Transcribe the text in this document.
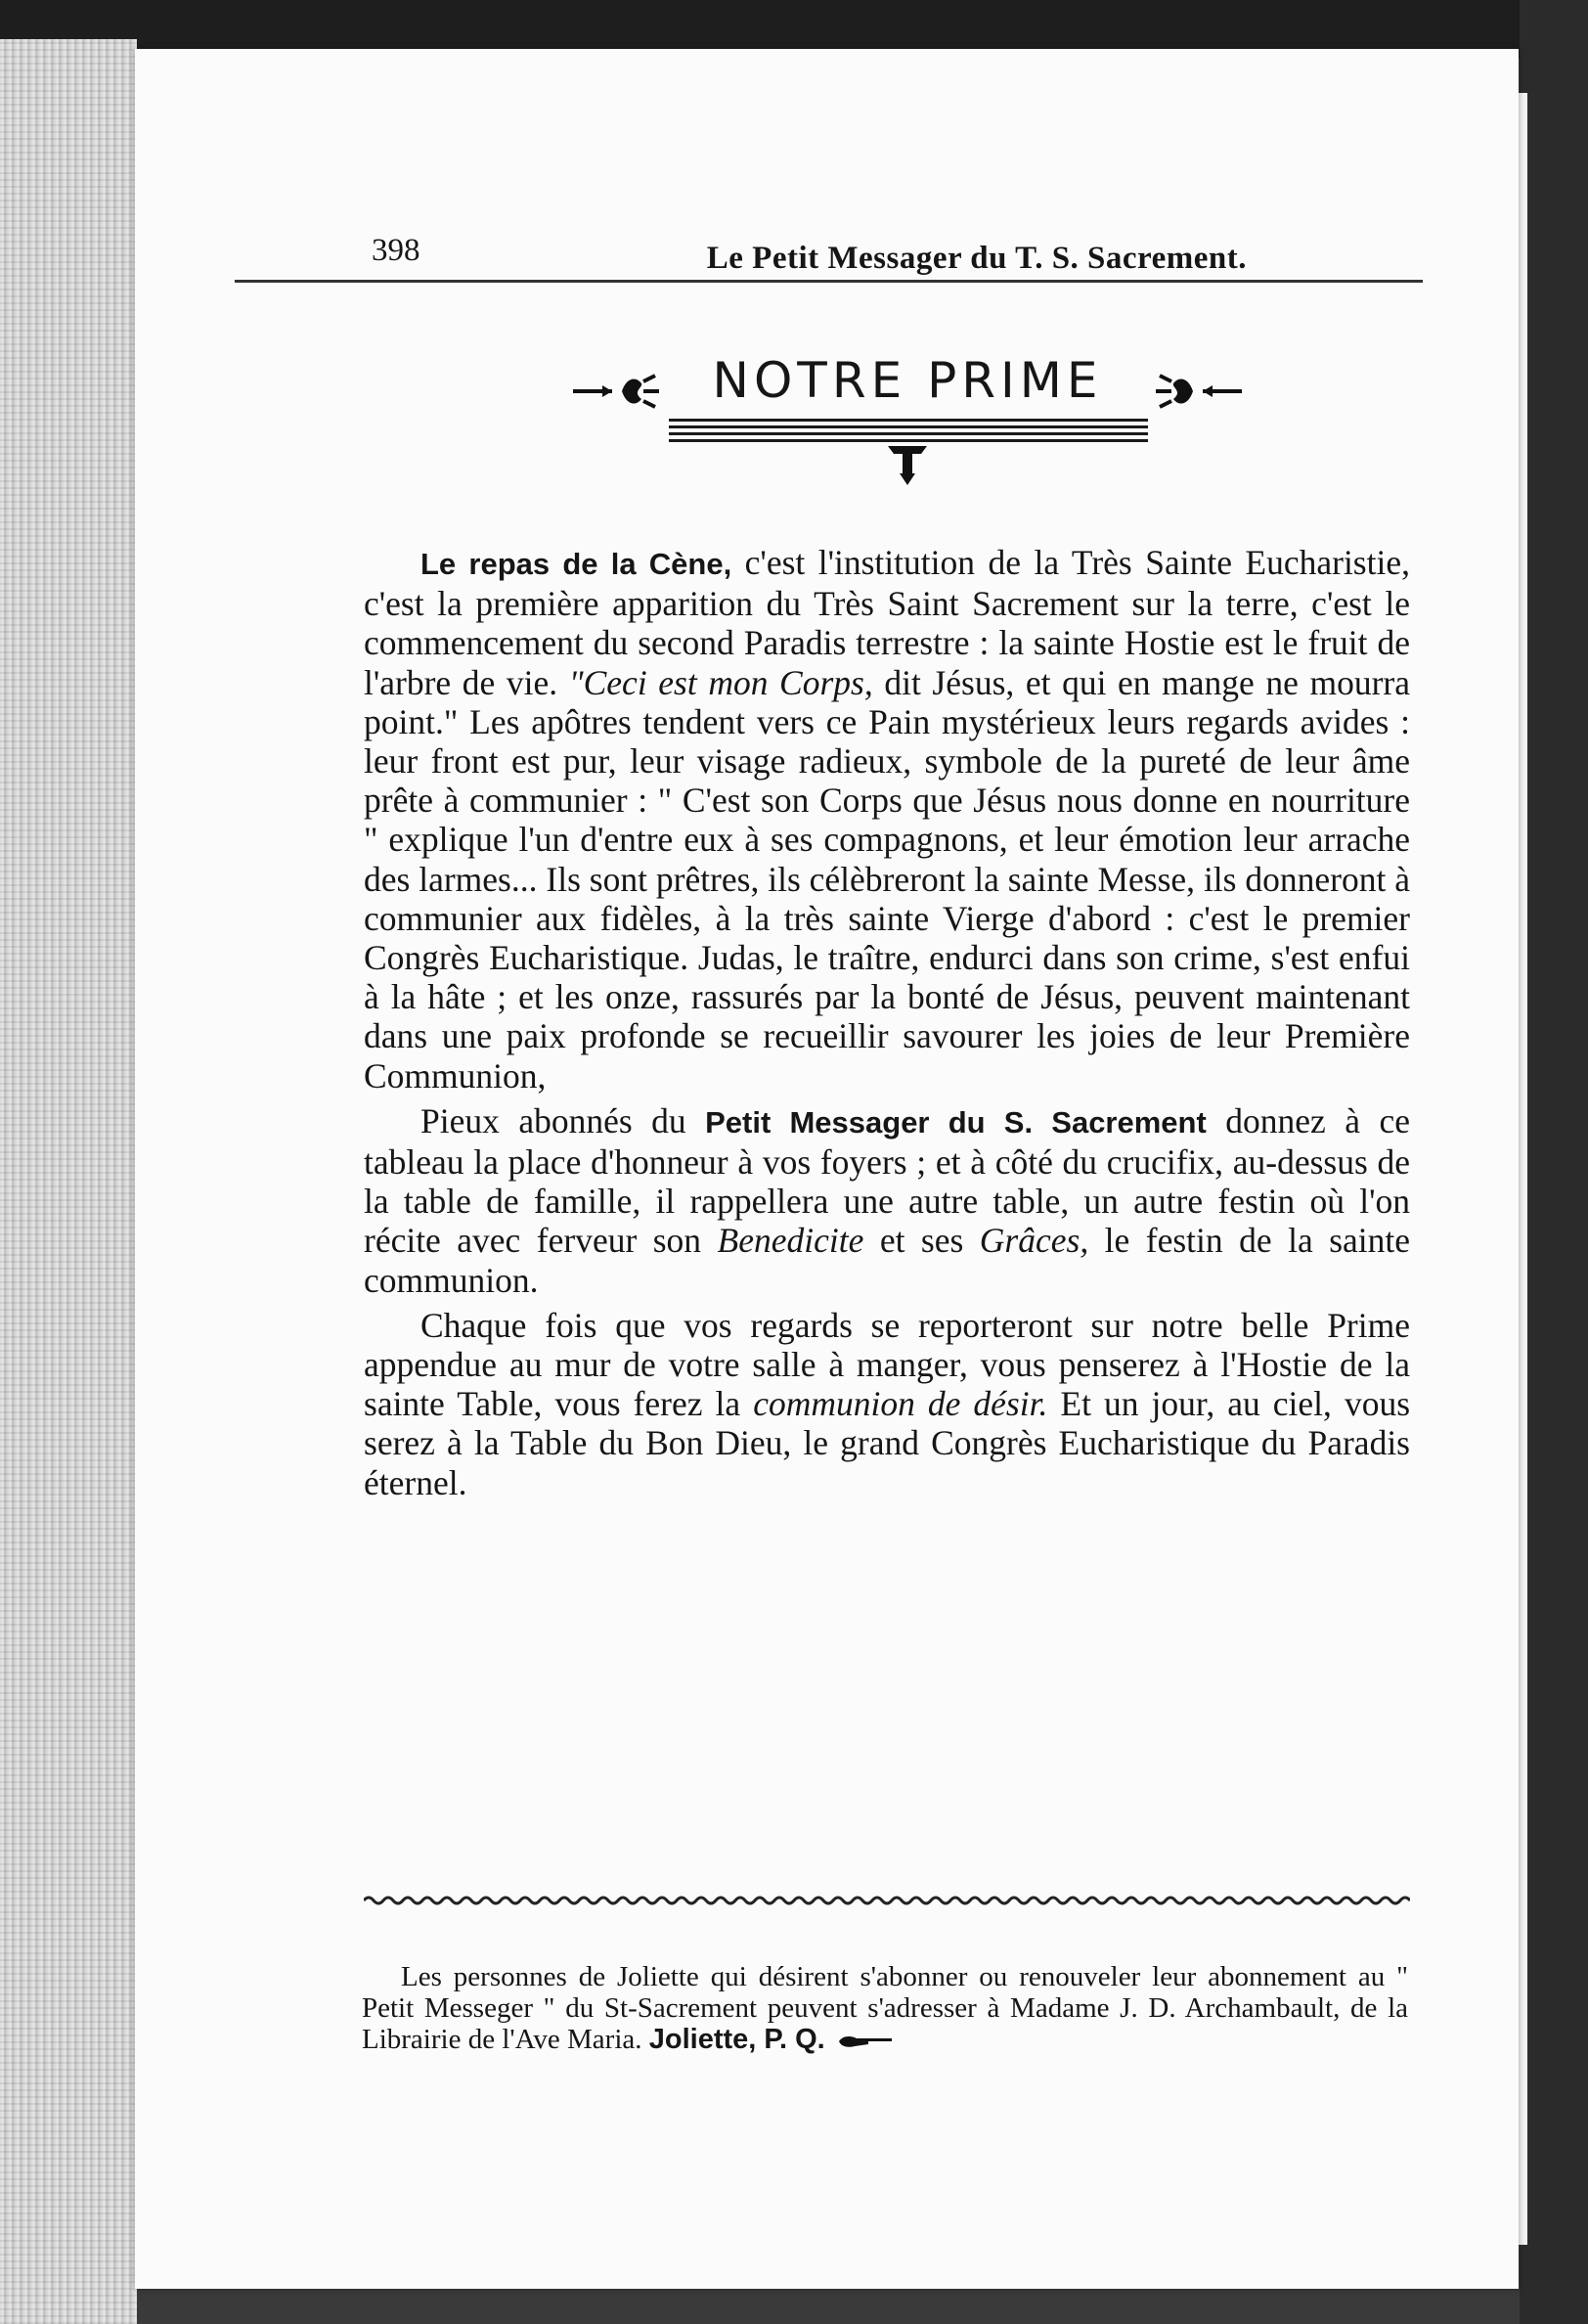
398	Le Petit Messager du T. S. Sacrement.
NOTRE PRIME

Le repas de la Cène, c'est l'institution de la Très Sainte Eucharistie, c'est la première apparition du Très Saint Sacrement sur la terre, c'est le commencement du second Paradis terrestre : la sainte Hostie est le fruit de l'arbre de vie. "Ceci est mon Corps, dit Jésus, et qui en mange ne mourra point." Les apôtres tendent vers ce Pain mystérieux leurs regards avides : leur front est pur, leur visage radieux, symbole de la pureté de leur âme prête à communier : " C'est son Corps que Jésus nous donne en nourriture " explique l'un d'entre eux à ses compagnons, et leur émotion leur arrache des larmes... Ils sont prêtres, ils célèbreront la sainte Messe, ils donneront à communier aux fidèles, à la très sainte Vierge d'abord : c'est le premier Congrès Eucharistique. Judas, le traître, endurci dans son crime, s'est enfui à la hâte ; et les onze, rassurés par la bonté de Jésus, peuvent maintenant dans une paix profonde se recueillir savourer les joies de leur Première Communion,

Pieux abonnés du Petit Messager du S. Sacrement donnez à ce tableau la place d'honneur à vos foyers ; et à côté du crucifix, au-dessus de la table de famille, il rappellera une autre table, un autre festin où l'on récite avec ferveur son Benedicite et ses Grâces, le festin de la sainte communion.

Chaque fois que vos regards se reporteront sur notre belle Prime appendue au mur de votre salle à manger, vous penserez à l'Hostie de la sainte Table, vous ferez la communion de désir. Et un jour, au ciel, vous serez à la Table du Bon Dieu, le grand Congrès Eucharistique du Paradis éternel.

Les personnes de Joliette qui désirent s'abonner ou renouveler leur abonnement au " Petit Messeger " du St-Sacrement peuvent s'adresser à Madame J. D. Archambault, de la Librairie de l'Ave Maria. Joliette, P. Q.
